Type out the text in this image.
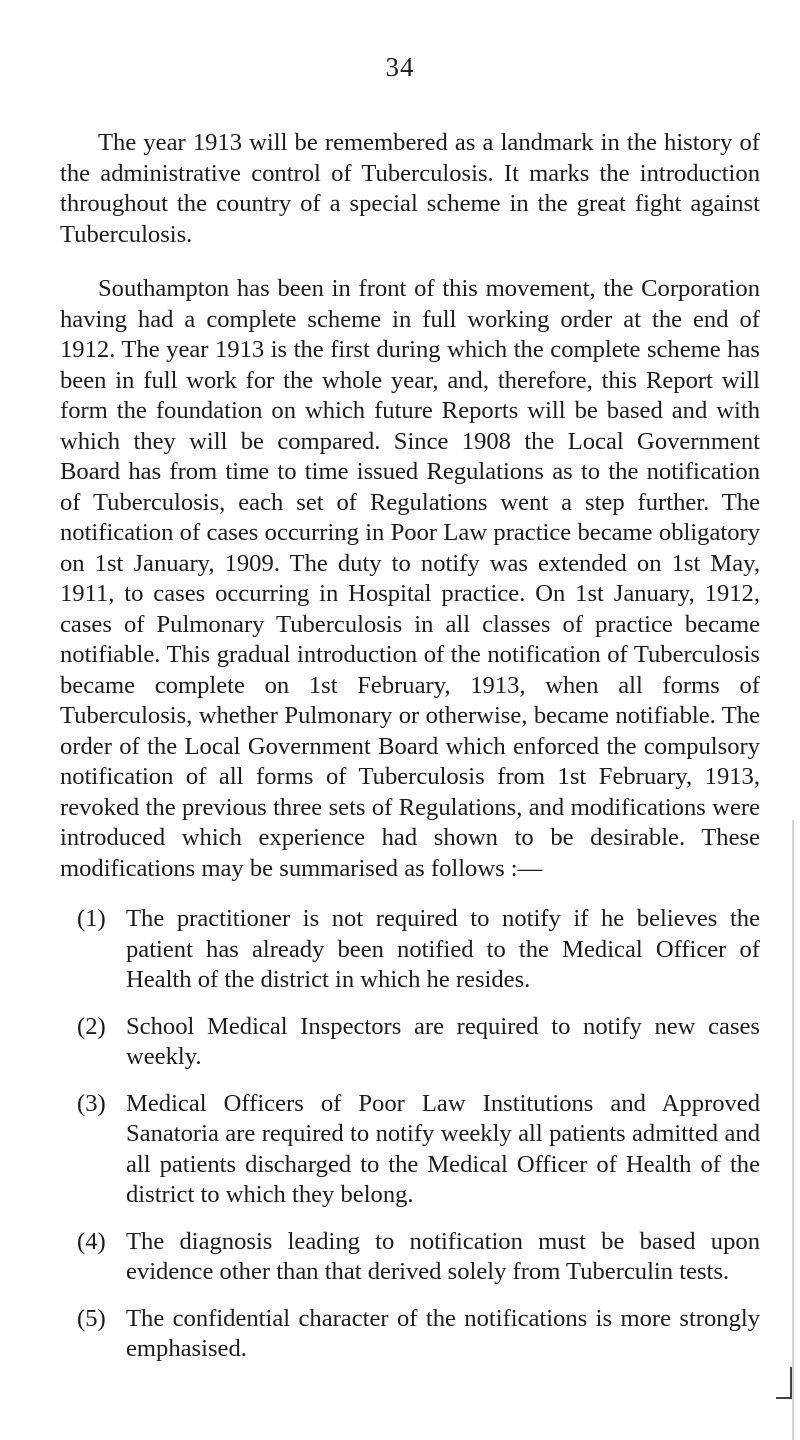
34

The year 1913 will be remembered as a landmark in the history of the administrative control of Tuberculosis. It marks the introduction throughout the country of a special scheme in the great fight against Tuberculosis.

Southampton has been in front of this movement, the Corporation having had a complete scheme in full working order at the end of 1912. The year 1913 is the first during which the complete scheme has been in full work for the whole year, and, therefore, this Report will form the foundation on which future Reports will be based and with which they will be compared. Since 1908 the Local Government Board has from time to time issued Regulations as to the notification of Tuberculosis, each set of Regulations went a step further. The notification of cases occurring in Poor Law practice became obligatory on 1st January, 1909. The duty to notify was extended on 1st May, 1911, to cases occurring in Hospital practice. On 1st January, 1912, cases of Pulmonary Tuberculosis in all classes of practice became notifiable. This gradual introduction of the notification of Tuberculosis became complete on 1st February, 1913, when all forms of Tuberculosis, whether Pulmonary or otherwise, became notifiable. The order of the Local Government Board which enforced the compulsory notification of all forms of Tuberculosis from 1st February, 1913, revoked the previous three sets of Regulations, and modifications were introduced which experience had shown to be desirable. These modifications may be summarised as follows :—

(1) The practitioner is not required to notify if he believes the patient has already been notified to the Medical Officer of Health of the district in which he resides.
(2) School Medical Inspectors are required to notify new cases weekly.
(3) Medical Officers of Poor Law Institutions and Approved Sanatoria are required to notify weekly all patients admitted and all patients discharged to the Medical Officer of Health of the district to which they belong.
(4) The diagnosis leading to notification must be based upon evidence other than that derived solely from Tuberculin tests.
(5) The confidential character of the notifications is more strongly emphasised.
